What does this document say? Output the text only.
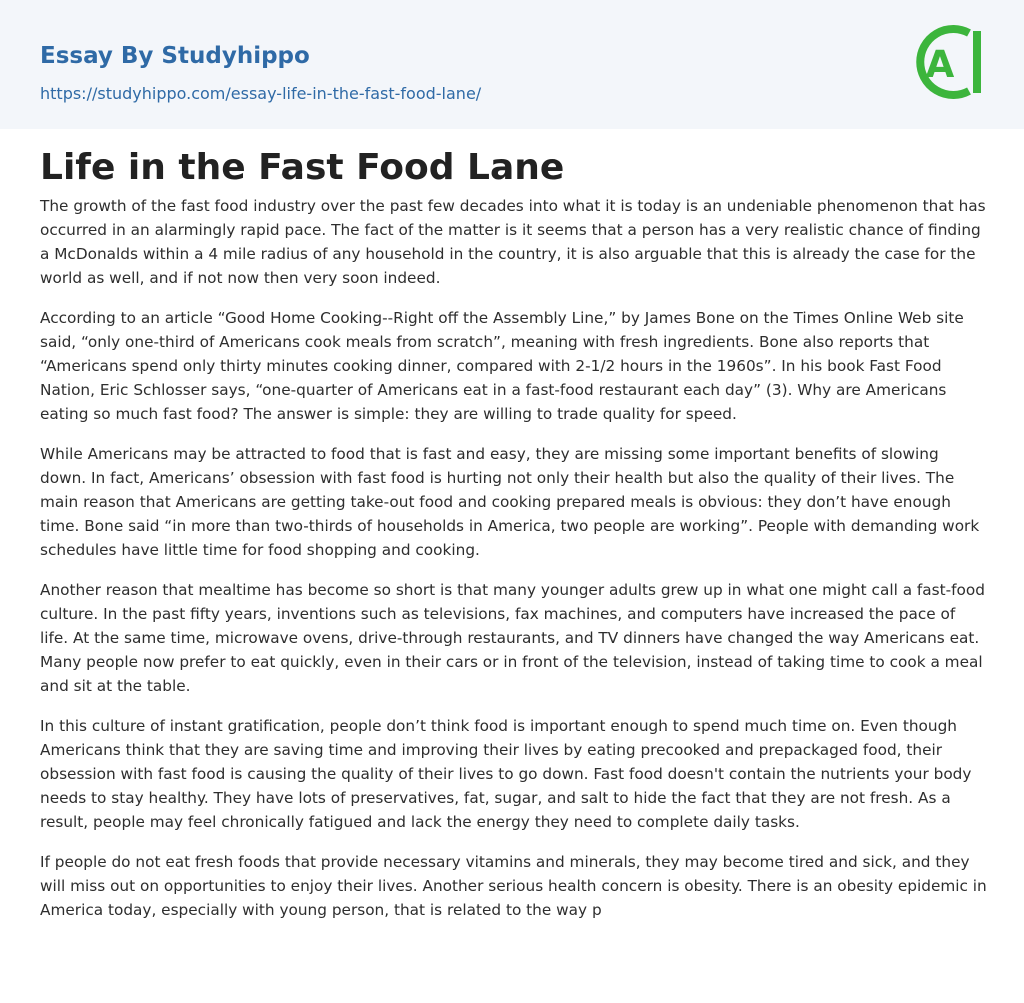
Essay By Studyhippo
https://studyhippo.com/essay-life-in-the-fast-food-lane/
A
Life in the Fast Food Lane

The growth of the fast food industry over the past few decades into what it is today is an undeniable phenomenon that has occurred in an alarmingly rapid pace. The fact of the matter is it seems that a person has a very realistic chance of finding a McDonalds within a 4 mile radius of any household in the country, it is also arguable that this is already the case for the world as well, and if not now then very soon indeed.

According to an article “Good Home Cooking--Right off the Assembly Line,” by James Bone on the Times Online Web site said, “only one-third of Americans cook meals from scratch”, meaning with fresh ingredients. Bone also reports that “Americans spend only thirty minutes cooking dinner, compared with 2-1/2 hours in the 1960s”. In his book Fast Food Nation, Eric Schlosser says, “one-quarter of Americans eat in a fast-food restaurant each day” (3). Why are Americans eating so much fast food? The answer is simple: they are willing to trade quality for speed.

While Americans may be attracted to food that is fast and easy, they are missing some important benefits of slowing down. In fact, Americans’ obsession with fast food is hurting not only their health but also the quality of their lives. The main reason that Americans are getting take-out food and cooking prepared meals is obvious: they don’t have enough time. Bone said “in more than two-thirds of households in America, two people are working”. People with demanding work schedules have little time for food shopping and cooking.

Another reason that mealtime has become so short is that many younger adults grew up in what one might call a fast-food culture. In the past fifty years, inventions such as televisions, fax machines, and computers have increased the pace of life. At the same time, microwave ovens, drive-through restaurants, and TV dinners have changed the way Americans eat. Many people now prefer to eat quickly, even in their cars or in front of the television, instead of taking time to cook a meal and sit at the table.

In this culture of instant gratification, people don’t think food is important enough to spend much time on. Even though Americans think that they are saving time and improving their lives by eating precooked and prepackaged food, their obsession with fast food is causing the quality of their lives to go down. Fast food doesn't contain the nutrients your body needs to stay healthy. They have lots of preservatives, fat, sugar, and salt to hide the fact that they are not fresh. As a result, people may feel chronically fatigued and lack the energy they need to complete daily tasks.

If people do not eat fresh foods that provide necessary vitamins and minerals, they may become tired and sick, and they will miss out on opportunities to enjoy their lives. Another serious health concern is obesity. There is an obesity epidemic in America today, especially with young person, that is related to the way p
